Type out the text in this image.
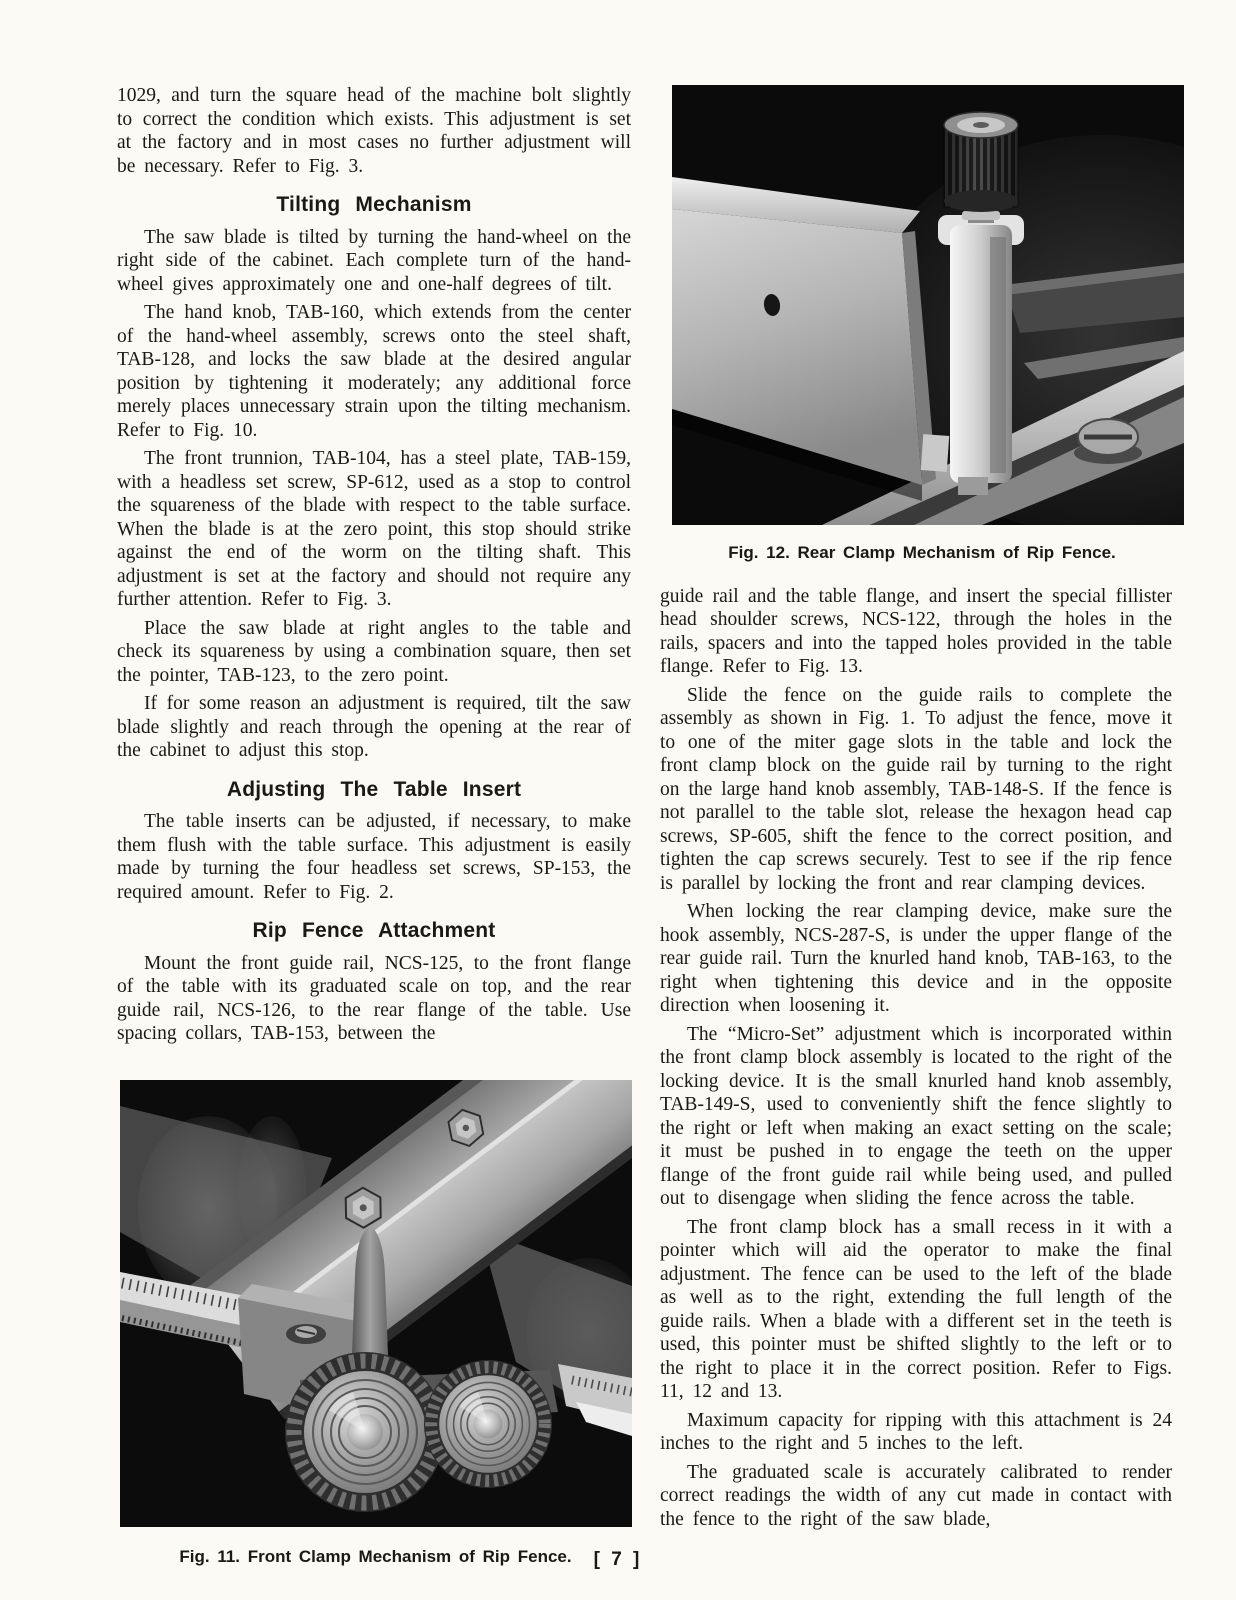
1029, and turn the square head of the machine bolt slightly to correct the condition which exists. This adjustment is set at the factory and in most cases no further adjustment will be necessary. Refer to Fig. 3.

Tilting Mechanism

The saw blade is tilted by turning the hand-wheel on the right side of the cabinet. Each complete turn of the hand-wheel gives approximately one and one-half degrees of tilt.

The hand knob, TAB-160, which extends from the center of the hand-wheel assembly, screws onto the steel shaft, TAB-128, and locks the saw blade at the desired angular position by tightening it moderately; any additional force merely places unnecessary strain upon the tilting mechanism. Refer to Fig. 10.

The front trunnion, TAB-104, has a steel plate, TAB-159, with a headless set screw, SP-612, used as a stop to control the squareness of the blade with respect to the table surface. When the blade is at the zero point, this stop should strike against the end of the worm on the tilting shaft. This adjustment is set at the factory and should not require any further attention. Refer to Fig. 3.

Place the saw blade at right angles to the table and check its squareness by using a combination square, then set the pointer, TAB-123, to the zero point.

If for some reason an adjustment is required, tilt the saw blade slightly and reach through the opening at the rear of the cabinet to adjust this stop.

Adjusting The Table Insert

The table inserts can be adjusted, if necessary, to make them flush with the table surface. This adjustment is easily made by turning the four headless set screws, SP-153, the required amount. Refer to Fig. 2.

Rip Fence Attachment

Mount the front guide rail, NCS-125, to the front flange of the table with its graduated scale on top, and the rear guide rail, NCS-126, to the rear flange of the table. Use spacing collars, TAB-153, between the

Fig. 11. Front Clamp Mechanism of Rip Fence.
Fig. 12. Rear Clamp Mechanism of Rip Fence.

guide rail and the table flange, and insert the special fillister head shoulder screws, NCS-122, through the holes in the rails, spacers and into the tapped holes provided in the table flange. Refer to Fig. 13.

Slide the fence on the guide rails to complete the assembly as shown in Fig. 1. To adjust the fence, move it to one of the miter gage slots in the table and lock the front clamp block on the guide rail by turning to the right on the large hand knob assembly, TAB-148-S. If the fence is not parallel to the table slot, release the hexagon head cap screws, SP-605, shift the fence to the correct position, and tighten the cap screws securely. Test to see if the rip fence is parallel by locking the front and rear clamping devices.

When locking the rear clamping device, make sure the hook assembly, NCS-287-S, is under the upper flange of the rear guide rail. Turn the knurled hand knob, TAB-163, to the right when tightening this device and in the opposite direction when loosening it.

The “Micro-Set” adjustment which is incorporated within the front clamp block assembly is located to the right of the locking device. It is the small knurled hand knob assembly, TAB-149-S, used to conveniently shift the fence slightly to the right or left when making an exact setting on the scale; it must be pushed in to engage the teeth on the upper flange of the front guide rail while being used, and pulled out to disengage when sliding the fence across the table.

The front clamp block has a small recess in it with a pointer which will aid the operator to make the final adjustment. The fence can be used to the left of the blade as well as to the right, extending the full length of the guide rails. When a blade with a different set in the teeth is used, this pointer must be shifted slightly to the left or to the right to place it in the correct position. Refer to Figs. 11, 12 and 13.

Maximum capacity for ripping with this attachment is 24 inches to the right and 5 inches to the left.

The graduated scale is accurately calibrated to render correct readings the width of any cut made in contact with the fence to the right of the saw blade,

[ 7 ]
